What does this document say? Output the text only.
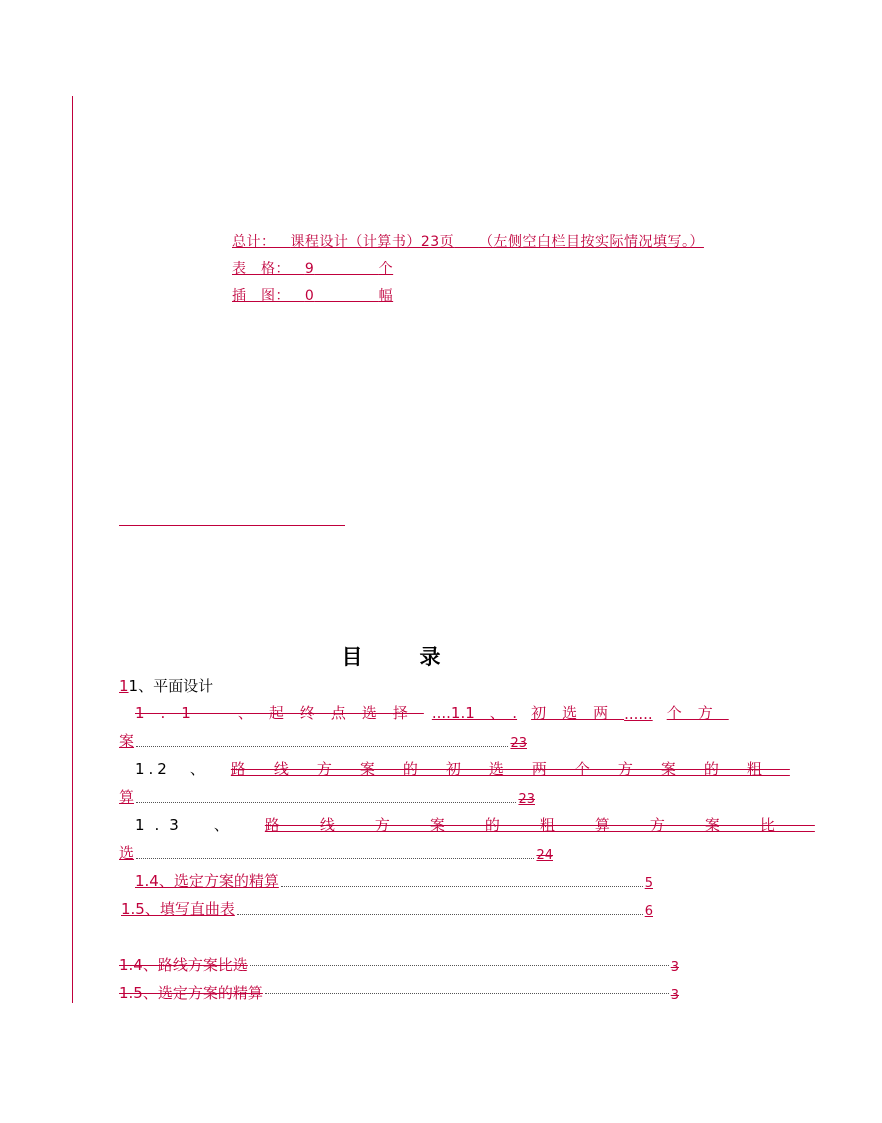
总计： 课程设计（计算书）23页 （左侧空白栏目按实际情况填写。）
表　格： 9	个
插　图： 0	幅
目　录
11、平面设计
1.1　、起终点选择 ....1.1　、　. 初选两 ...... 个方
案	23
1.2　、 路线方案的初选两个方案的粗
算	23
1.3　、 路线方案的粗算方案比
选	24
1.4、选定方案的精算	5
1.5、填写直曲表	6
1.4、路线方案比选	3
1.5、选定方案的精算	3
